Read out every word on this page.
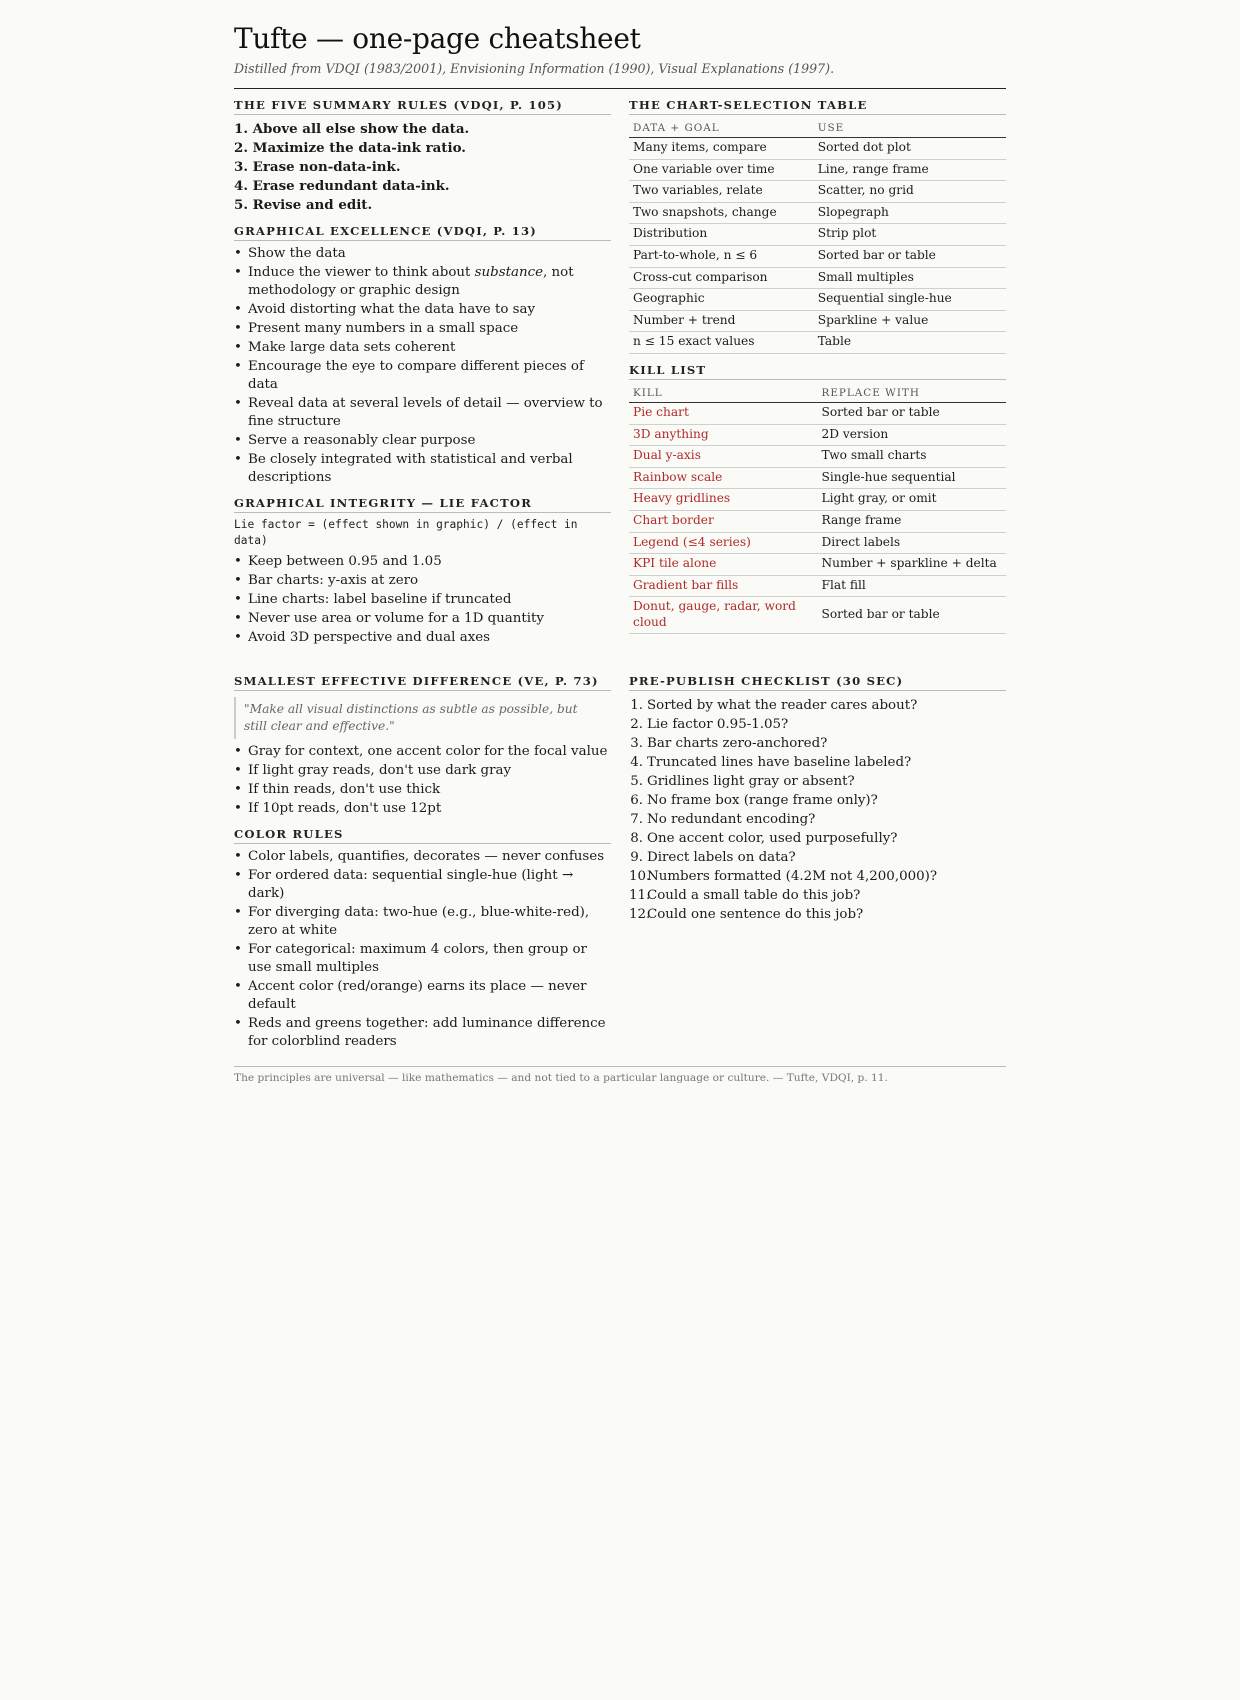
Tufte — one-page cheatsheet

Distilled from VDQI (1983/2001), Envisioning Information (1990), Visual Explanations (1997).

THE FIVE SUMMARY RULES (VDQI, P. 105)
1. Above all else show the data.
2. Maximize the data-ink ratio.
3. Erase non-data-ink.
4. Erase redundant data-ink.
5. Revise and edit.
GRAPHICAL EXCELLENCE (VDQI, P. 13)
• Show the data
• Induce the viewer to think about substance, not methodology or graphic design
• Avoid distorting what the data have to say
• Present many numbers in a small space
• Make large data sets coherent
• Encourage the eye to compare different pieces of data
• Reveal data at several levels of detail — overview to fine structure
• Serve a reasonably clear purpose
• Be closely integrated with statistical and verbal descriptions
GRAPHICAL INTEGRITY — LIE FACTOR
Lie factor = (effect shown in graphic) / (effect in data)
• Keep between 0.95 and 1.05
• Bar charts: y-axis at zero
• Line charts: label baseline if truncated
• Never use area or volume for a 1D quantity
• Avoid 3D perspective and dual axes
THE CHART-SELECTION TABLE
DATA + GOAL	USE
Many items, compare	Sorted dot plot
One variable over time	Line, range frame
Two variables, relate	Scatter, no grid
Two snapshots, change	Slopegraph
Distribution	Strip plot
Part-to-whole, n ≤ 6	Sorted bar or table
Cross-cut comparison	Small multiples
Geographic	Sequential single-hue
Number + trend	Sparkline + value
n ≤ 15 exact values	Table
KILL LIST
KILL	REPLACE WITH
Pie chart	Sorted bar or table
3D anything	2D version
Dual y-axis	Two small charts
Rainbow scale	Single-hue sequential
Heavy gridlines	Light gray, or omit
Chart border	Range frame
Legend (≤4 series)	Direct labels
KPI tile alone	Number + sparkline + delta
Gradient bar fills	Flat fill
Donut, gauge, radar, word cloud	Sorted bar or table
SMALLEST EFFECTIVE DIFFERENCE (VE, P. 73)
"Make all visual distinctions as subtle as possible, but still clear and effective."
• Gray for context, one accent color for the focal value
• If light gray reads, don't use dark gray
• If thin reads, don't use thick
• If 10pt reads, don't use 12pt
COLOR RULES
• Color labels, quantifies, decorates — never confuses
• For ordered data: sequential single-hue (light → dark)
• For diverging data: two-hue (e.g., blue-white-red), zero at white
• For categorical: maximum 4 colors, then group or use small multiples
• Accent color (red/orange) earns its place — never default
• Reds and greens together: add luminance difference for colorblind readers
PRE-PUBLISH CHECKLIST (30 SEC)
1. Sorted by what the reader cares about?
2. Lie factor 0.95-1.05?
3. Bar charts zero-anchored?
4. Truncated lines have baseline labeled?
5. Gridlines light gray or absent?
6. No frame box (range frame only)?
7. No redundant encoding?
8. One accent color, used purposefully?
9. Direct labels on data?
10.
Numbers formatted (4.2M not 4,200,000)?
11.
Could a small table do this job?
12.
Could one sentence do this job?
The principles are universal — like mathematics — and not tied to a particular language or culture. — Tufte, VDQI, p. 11.
